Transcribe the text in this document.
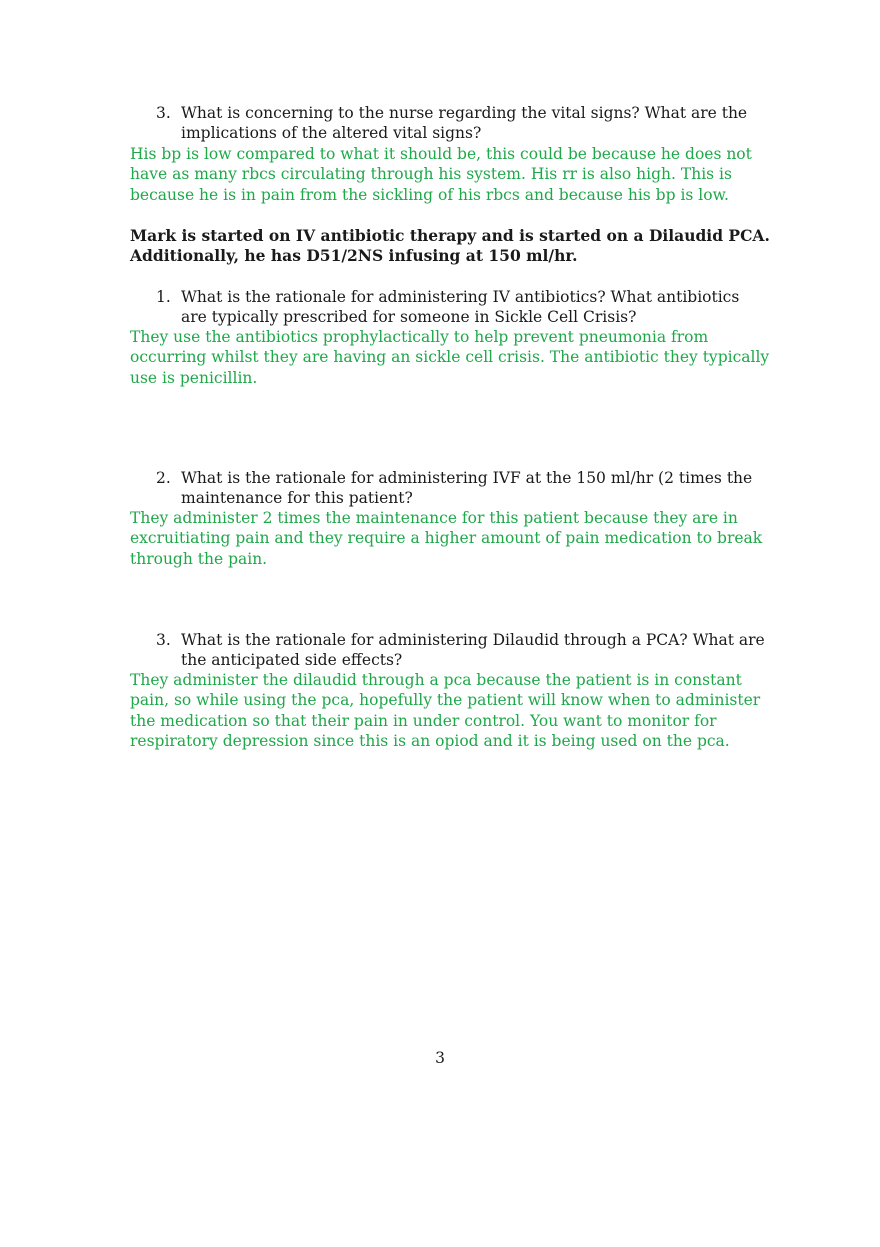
3. What is concerning to the nurse regarding the vital signs? What are the implications of the altered vital signs?
His bp is low compared to what it should be, this could be because he does not have as many rbcs circulating through his system. His rr is also high. This is because he is in pain from the sickling of his rbcs and because his bp is low.
Mark is started on IV antibiotic therapy and is started on a Dilaudid PCA. Additionally, he has D51/2NS infusing at 150 ml/hr.
1. What is the rationale for administering IV antibiotics? What antibiotics are typically prescribed for someone in Sickle Cell Crisis?
They use the antibiotics prophylactically to help prevent pneumonia from occurring whilst they are having an sickle cell crisis. The antibiotic they typically use is penicillin.
2. What is the rationale for administering IVF at the 150 ml/hr (2 times the maintenance for this patient?
They administer 2 times the maintenance for this patient because they are in excruitiating pain and they require a higher amount of pain medication to break through the pain.
3. What is the rationale for administering Dilaudid through a PCA? What are the anticipated side effects?
They administer the dilaudid through a pca because the patient is in constant pain, so while using the pca, hopefully the patient will know when to administer the medication so that their pain in under control. You want to monitor for respiratory depression since this is an opiod and it is being used on the pca.
3
